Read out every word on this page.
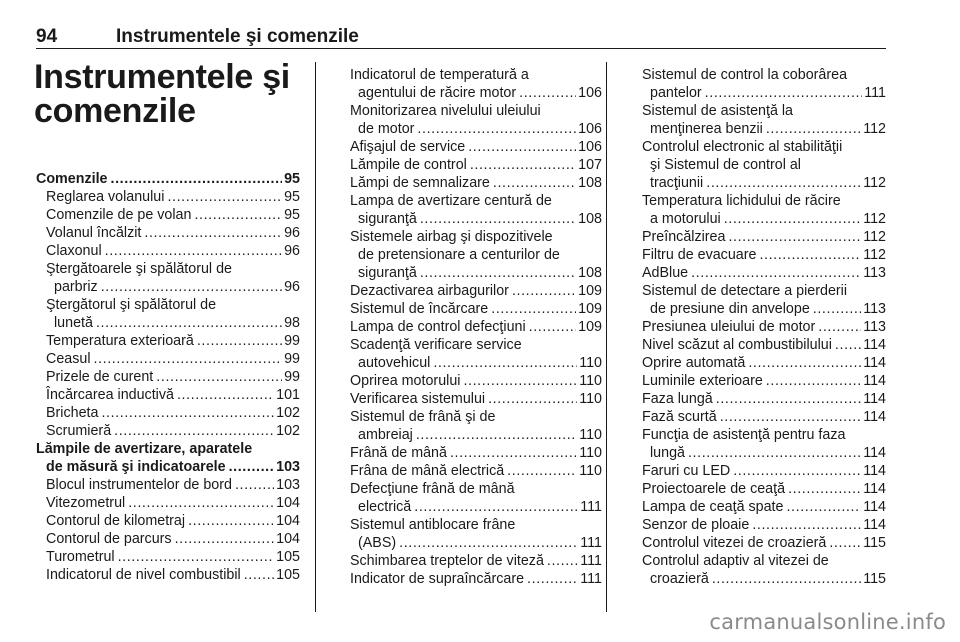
94	Instrumentele şi comenzile
Instrumentele şi
comenzile
Comenzile .....	95
Reglarea volanului .....	95
Comenzile de pe volan .....	95
Volanul încălzit .....	96
Claxonul .....	96
Ştergătoarele şi spălătorul de
parbriz .....	96
Ştergătorul şi spălătorul de
lunetă .....	98
Temperatura exterioară .....	99
Ceasul .....	99
Prizele de curent .....	99
Încărcarea inductivă .....	101
Bricheta .....	102
Scrumieră .....	102
Lămpile de avertizare, aparatele
de măsură şi indicatoarele .....	103
Blocul instrumentelor de bord .....	103
Vitezometrul .....	104
Contorul de kilometraj .....	104
Contorul de parcurs .....	104
Turometrul .....	105
Indicatorul de nivel combustibil ..... 105
Indicatorul de temperatură a
agentului de răcire motor .....	106
Monitorizarea nivelului uleiului
de motor .....	106
Afişajul de service .....	106
Lămpile de control .....	107
Lămpi de semnalizare .....	108
Lampa de avertizare centură de
siguranţă .....	108
Sistemele airbag şi dispozitivele
de pretensionare a centurilor de
siguranţă .....	108
Dezactivarea airbagurilor .....	109
Sistemul de încărcare .....	109
Lampa de control defecţiuni .....	109
Scadenţă verificare service
autovehicul .....	110
Oprirea motorului .....	110
Verificarea sistemului .....	110
Sistemul de frână şi de
ambreiaj .....	110
Frână de mână .....	110
Frâna de mână electrică .....	110
Defecţiune frână de mână
electrică .....	111
Sistemul antiblocare frâne
(ABS) .....	111
Schimbarea treptelor de viteză .....	111
Indicator de supraîncărcare .....	111
Sistemul de control la coborârea
pantelor .....	111
Sistemul de asistenţă la
menţinerea benzii .....	112
Controlul electronic al stabilităţii
şi Sistemul de control al
tracţiunii .....	112
Temperatura lichidului de răcire
a motorului .....	112
Preîncălzirea .....	112
Filtru de evacuare .....	112
AdBlue .....	113
Sistemul de detectare a pierderii
de presiune din anvelope .....	113
Presiunea uleiului de motor .....	113
Nivel scăzut al combustibilului ..... 114
Oprire automată .....	114
Luminile exterioare .....	114
Faza lungă .....	114
Fază scurtă .....	114
Funcţia de asistenţă pentru faza
lungă .....	114
Faruri cu LED .....	114
Proiectoarele de ceaţă .....	114
Lampa de ceaţă spate .....	114
Senzor de ploaie .....	114
Controlul vitezei de croazieră .....	115
Controlul adaptiv al vitezei de
croazieră .....	115
carmanualsonline.info
